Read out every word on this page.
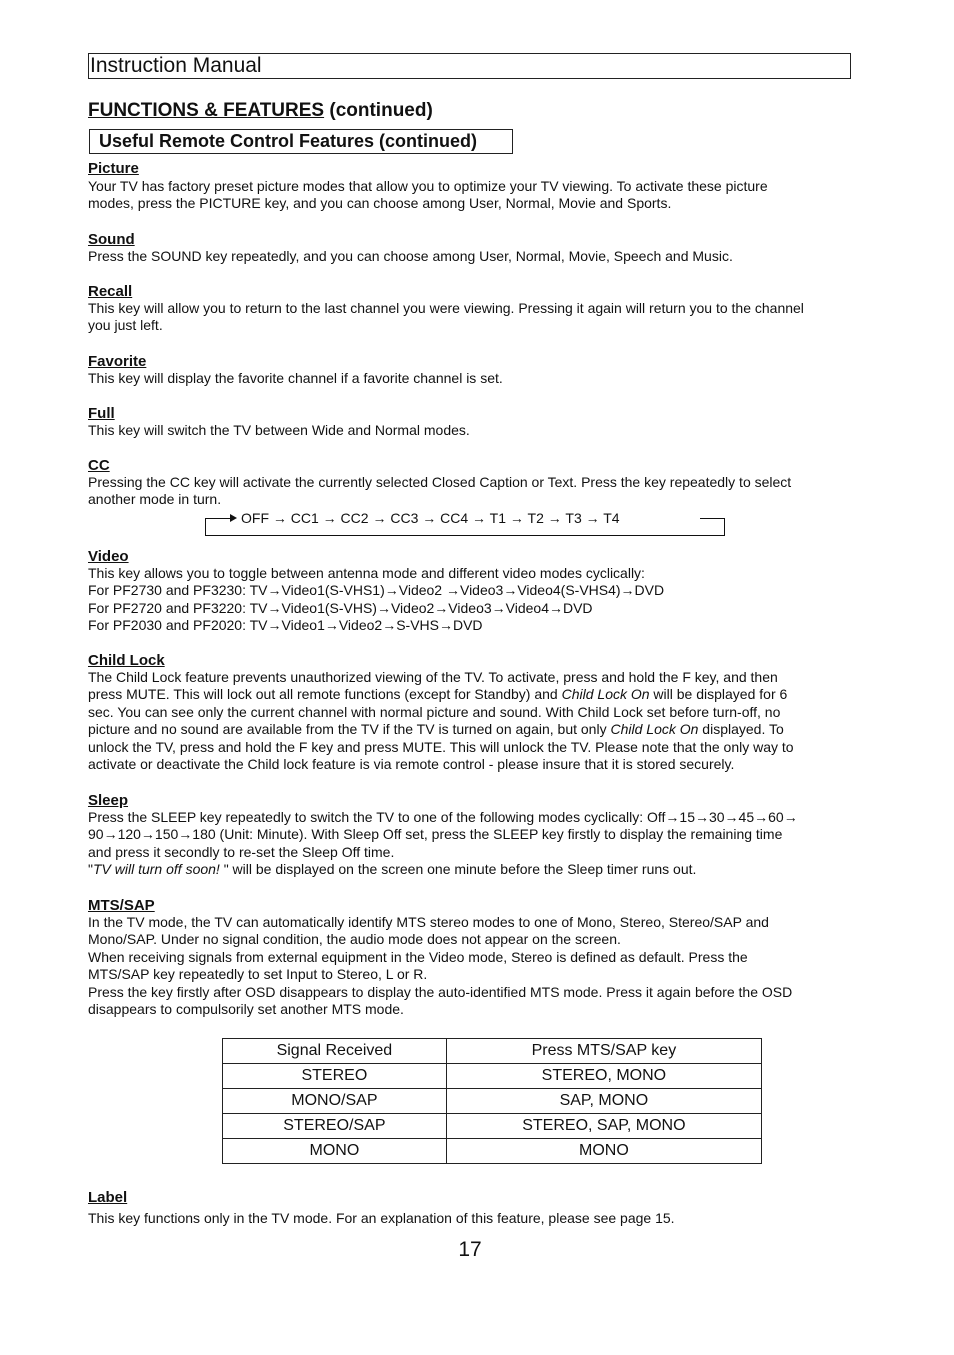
Instruction Manual
FUNCTIONS & FEATURES (continued)
Useful Remote Control Features (continued)
Picture
Your TV has factory preset picture modes that allow you to optimize your TV viewing. To activate these picture
modes, press the PICTURE key, and you can choose among User, Normal, Movie and Sports.
Sound
Press the SOUND key repeatedly, and you can choose among User, Normal, Movie, Speech and Music.
Recall
This key will allow you to return to the last channel you were viewing. Pressing it again will return you to the channel
you just left.
Favorite
This key will display the favorite channel if a favorite channel is set.
Full
This key will switch the TV between Wide and Normal modes.
CC
Pressing the CC key will activate the currently selected Closed Caption or Text. Press the key repeatedly to select
another mode in turn.
OFF → CC1 → CC2 → CC3 → CC4 → T1 → T2 → T3 → T4
Video
This key allows you to toggle between antenna mode and different video modes cyclically:
For PF2730 and PF3230: TV→Video1(S-VHS1)→Video2 →Video3→Video4(S-VHS4)→DVD
For PF2720 and PF3220: TV→Video1(S-VHS)→Video2→Video3→Video4→DVD
For PF2030 and PF2020: TV→Video1→Video2→S-VHS→DVD
Child Lock
The Child Lock feature prevents unauthorized viewing of the TV. To activate, press and hold the F key, and then
press MUTE. This will lock out all remote functions (except for Standby) and Child Lock On will be displayed for 6
sec. You can see only the current channel with normal picture and sound. With Child Lock set before turn-off, no
picture and no sound are available from the TV if the TV is turned on again, but only Child Lock On displayed. To
unlock the TV, press and hold the F key and press MUTE. This will unlock the TV. Please note that the only way to
activate or deactivate the Child lock feature is via remote control - please insure that it is stored securely.
Sleep
Press the SLEEP key repeatedly to switch the TV to one of the following modes cyclically: Off→15→30→45→60→
90→120→150→180 (Unit: Minute). With Sleep Off set, press the SLEEP key firstly to display the remaining time
and press it secondly to re-set the Sleep Off time.
"TV will turn off soon! " will be displayed on the screen one minute before the Sleep timer runs out.
MTS/SAP
In the TV mode, the TV can automatically identify MTS stereo modes to one of Mono, Stereo, Stereo/SAP and
Mono/SAP. Under no signal condition, the audio mode does not appear on the screen.
When receiving signals from external equipment in the Video mode, Stereo is defined as default. Press the
MTS/SAP key repeatedly to set Input to Stereo, L or R.
Press the key firstly after OSD disappears to display the auto-identified MTS mode. Press it again before the OSD
disappears to compulsorily set another MTS mode.
Signal Received	Press MTS/SAP key
STEREO	STEREO, MONO
MONO/SAP	SAP, MONO
STEREO/SAP	STEREO, SAP, MONO
MONO	MONO
Label
This key functions only in the TV mode. For an explanation of this feature, please see page 15.
17
